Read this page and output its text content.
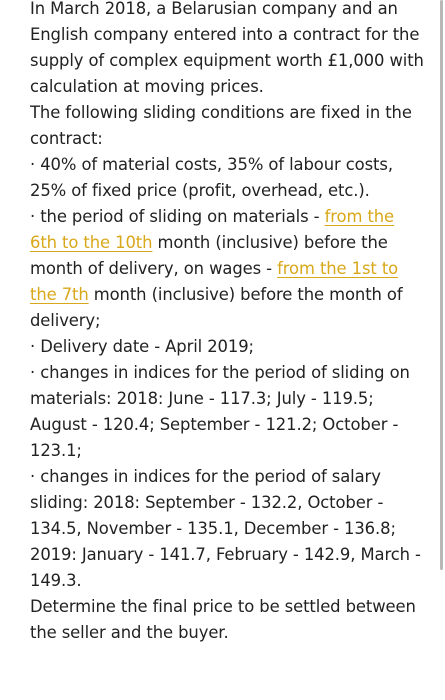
In March 2018, a Belarusian company and an English company entered into a contract for the supply of complex equipment worth £1,000 with calculation at moving prices.

The following sliding conditions are fixed in the contract:

· 40% of material costs, 35% of labour costs, 25% of fixed price (profit, overhead, etc.).

· the period of sliding on materials - from the 6th to the 10th month (inclusive) before the month of delivery, on wages - from the 1st to the 7th month (inclusive) before the month of delivery;

· Delivery date - April 2019;

· changes in indices for the period of sliding on materials: 2018: June - 117.3; July - 119.5; August - 120.4; September - 121.2; October - 123.1;

· changes in indices for the period of salary sliding: 2018: September - 132.2, October - 134.5, November - 135.1, December - 136.8; 2019: January - 141.7, February - 142.9, March - 149.3.

Determine the final price to be settled between the seller and the buyer.
